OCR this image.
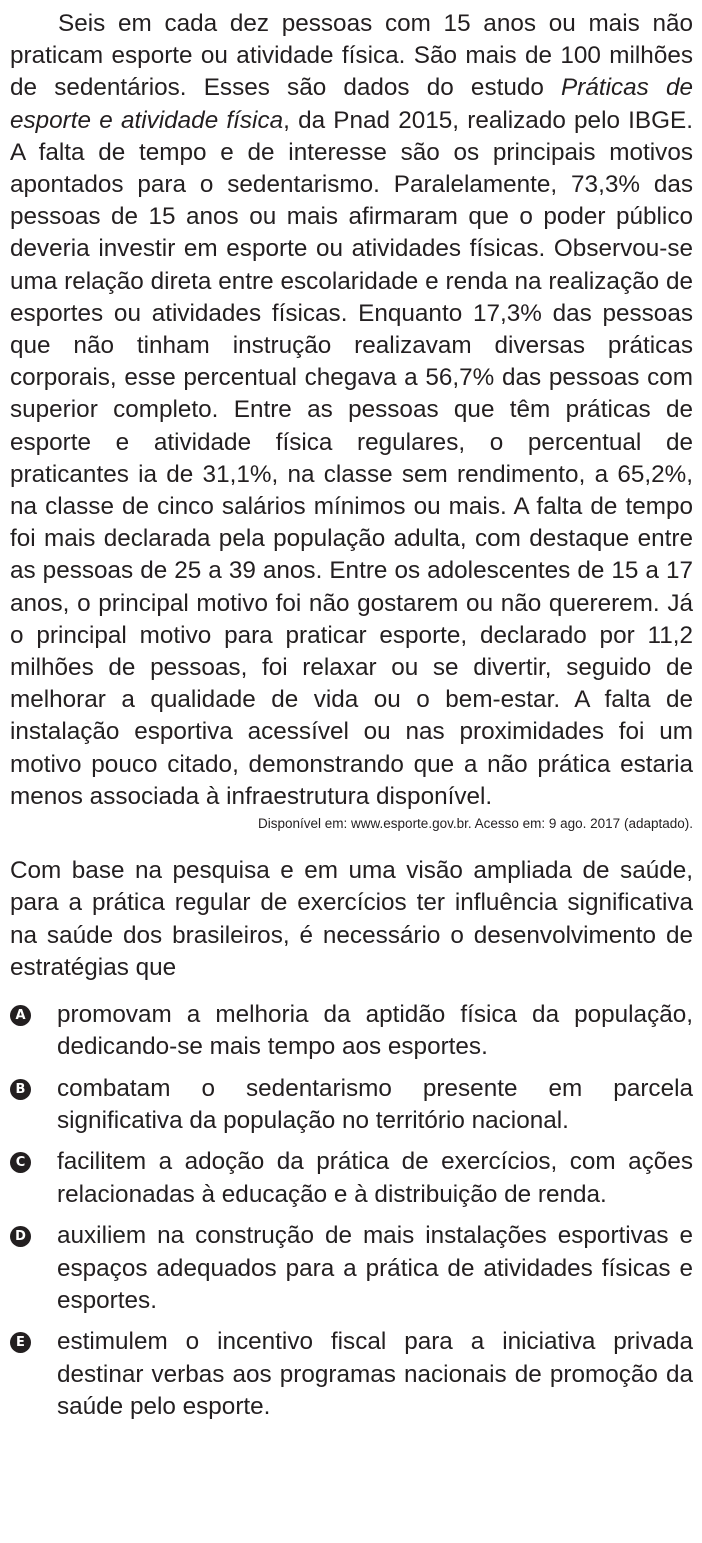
Seis em cada dez pessoas com 15 anos ou mais não praticam esporte ou atividade física. São mais de 100 milhões de sedentários. Esses são dados do estudo Práticas de esporte e atividade física, da Pnad 2015, realizado pelo IBGE. A falta de tempo e de interesse são os principais motivos apontados para o sedentarismo. Paralelamente, 73,3% das pessoas de 15 anos ou mais afirmaram que o poder público deveria investir em esporte ou atividades físicas. Observou-se uma relação direta entre escolaridade e renda na realização de esportes ou atividades físicas. Enquanto 17,3% das pessoas que não tinham instrução realizavam diversas práticas corporais, esse percentual chegava a 56,7% das pessoas com superior completo. Entre as pessoas que têm práticas de esporte e atividade física regulares, o percentual de praticantes ia de 31,1%, na classe sem rendimento, a 65,2%, na classe de cinco salários mínimos ou mais. A falta de tempo foi mais declarada pela população adulta, com destaque entre as pessoas de 25 a 39 anos. Entre os adolescentes de 15 a 17 anos, o principal motivo foi não gostarem ou não quererem. Já o principal motivo para praticar esporte, declarado por 11,2 milhões de pessoas, foi relaxar ou se divertir, seguido de melhorar a qualidade de vida ou o bem-estar. A falta de instalação esportiva acessível ou nas proximidades foi um motivo pouco citado, demonstrando que a não prática estaria menos associada à infraestrutura disponível.

Disponível em: www.esporte.gov.br. Acesso em: 9 ago. 2017 (adaptado).

Com base na pesquisa e em uma visão ampliada de saúde, para a prática regular de exercícios ter influência significativa na saúde dos brasileiros, é necessário o desenvolvimento de estratégias que

A promovam a melhoria da aptidão física da população, dedicando-se mais tempo aos esportes.

B combatam o sedentarismo presente em parcela significativa da população no território nacional.

C facilitem a adoção da prática de exercícios, com ações relacionadas à educação e à distribuição de renda.

D auxiliem na construção de mais instalações esportivas e espaços adequados para a prática de atividades físicas e esportes.

E estimulem o incentivo fiscal para a iniciativa privada destinar verbas aos programas nacionais de promoção da saúde pelo esporte.
